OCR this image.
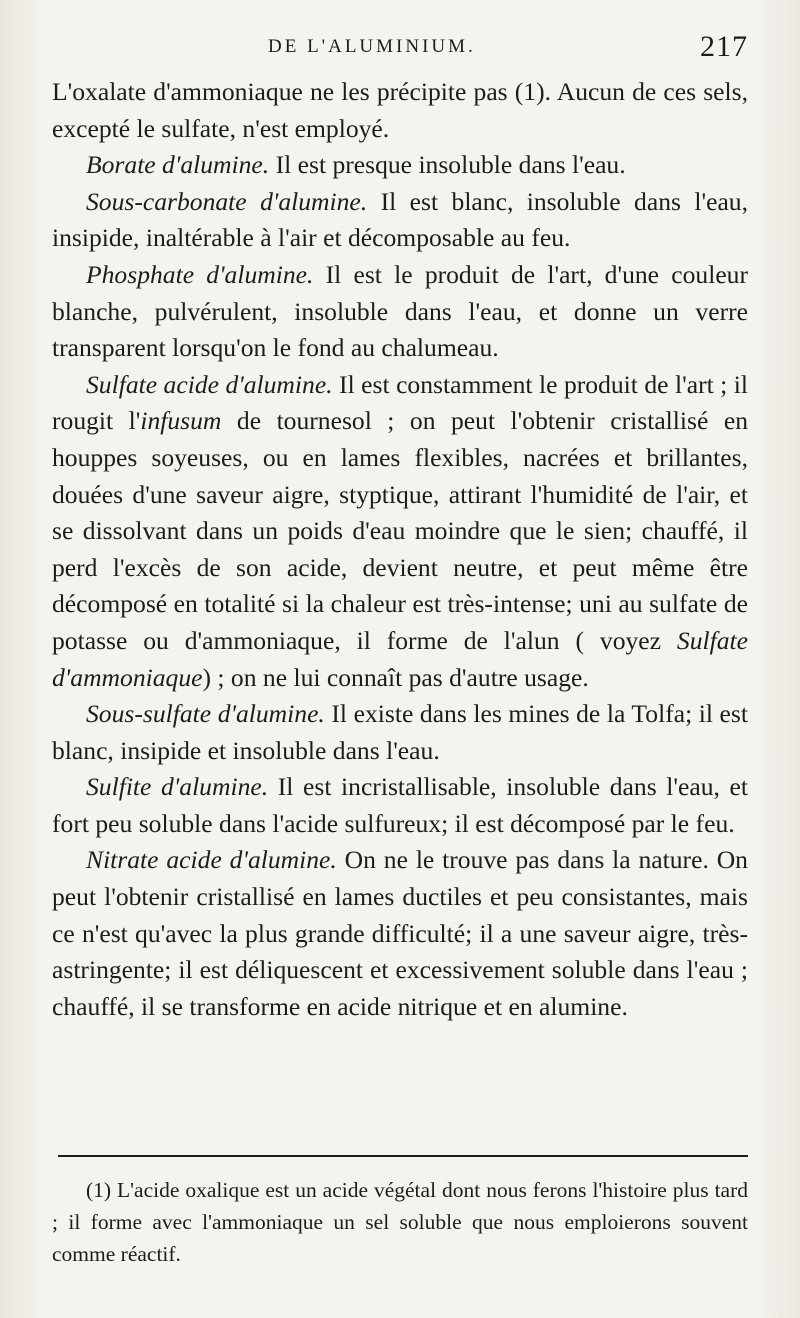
DE L'ALUMINIUM.	217

L'oxalate d'ammoniaque ne les précipite pas (1). Aucun de ces sels, excepté le sulfate, n'est employé.

Borate d'alumine. Il est presque insoluble dans l'eau.

Sous-carbonate d'alumine. Il est blanc, insoluble dans l'eau, insipide, inaltérable à l'air et décomposable au feu.

Phosphate d'alumine. Il est le produit de l'art, d'une couleur blanche, pulvérulent, insoluble dans l'eau, et donne un verre transparent lorsqu'on le fond au chalumeau.

Sulfate acide d'alumine. Il est constamment le produit de l'art ; il rougit l'infusum de tournesol ; on peut l'obtenir cristallisé en houppes soyeuses, ou en lames flexibles, nacrées et brillantes, douées d'une saveur aigre, styptique, attirant l'humidité de l'air, et se dissolvant dans un poids d'eau moindre que le sien; chauffé, il perd l'excès de son acide, devient neutre, et peut même être décomposé en totalité si la chaleur est très-intense; uni au sulfate de potasse ou d'ammoniaque, il forme de l'alun ( voyez Sulfate d'ammoniaque) ; on ne lui connaît pas d'autre usage.

Sous-sulfate d'alumine. Il existe dans les mines de la Tolfa; il est blanc, insipide et insoluble dans l'eau.

Sulfite d'alumine. Il est incristallisable, insoluble dans l'eau, et fort peu soluble dans l'acide sulfureux; il est décomposé par le feu.

Nitrate acide d'alumine. On ne le trouve pas dans la nature. On peut l'obtenir cristallisé en lames ductiles et peu consistantes, mais ce n'est qu'avec la plus grande difficulté; il a une saveur aigre, très-astringente; il est déliquescent et excessivement soluble dans l'eau ; chauffé, il se transforme en acide nitrique et en alumine.

(1) L'acide oxalique est un acide végétal dont nous ferons l'histoire plus tard ; il forme avec l'ammoniaque un sel soluble que nous emploierons souvent comme réactif.
